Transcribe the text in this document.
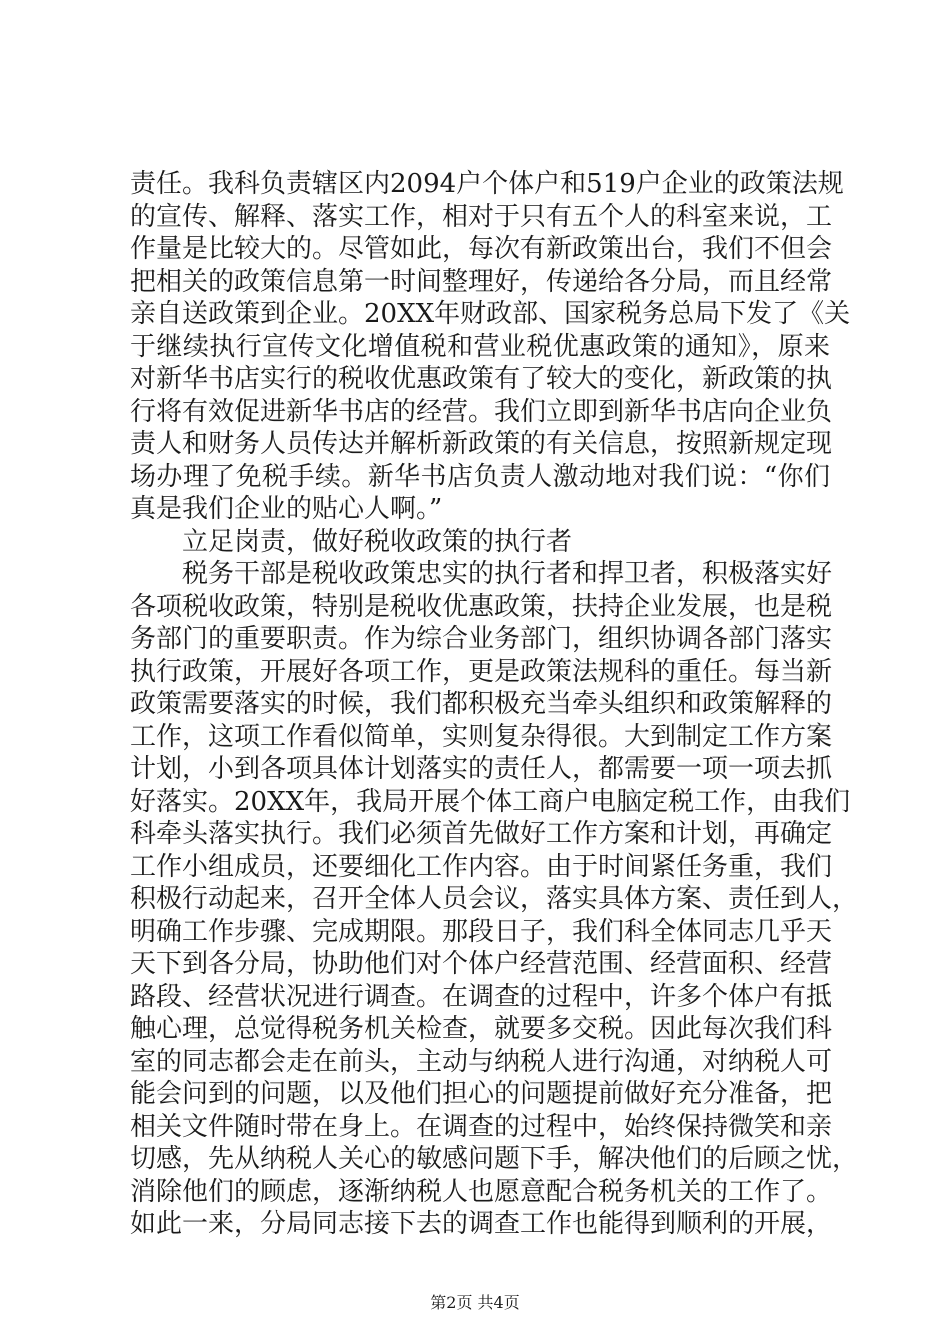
责任。我科负责辖区内2094户个体户和519户企业的政策法规
的宣传、解释、落实工作，相对于只有五个人的科室来说，工
作量是比较大的。尽管如此，每次有新政策出台，我们不但会
把相关的政策信息第一时间整理好，传递给各分局，而且经常
亲自送政策到企业。20XX年财政部、国家税务总局下发了《关
于继续执行宣传文化增值税和营业税优惠政策的通知》，原来
对新华书店实行的税收优惠政策有了较大的变化，新政策的执
行将有效促进新华书店的经营。我们立即到新华书店向企业负
责人和财务人员传达并解析新政策的有关信息，按照新规定现
场办理了免税手续。新华书店负责人激动地对我们说：“你们
真是我们企业的贴心人啊。”
立足岗责，做好税收政策的执行者
税务干部是税收政策忠实的执行者和捍卫者，积极落实好
各项税收政策，特别是税收优惠政策，扶持企业发展，也是税
务部门的重要职责。作为综合业务部门，组织协调各部门落实
执行政策，开展好各项工作，更是政策法规科的重任。每当新
政策需要落实的时候，我们都积极充当牵头组织和政策解释的
工作，这项工作看似简单，实则复杂得很。大到制定工作方案
计划，小到各项具体计划落实的责任人，都需要一项一项去抓
好落实。20XX年，我局开展个体工商户电脑定税工作，由我们
科牵头落实执行。我们必须首先做好工作方案和计划，再确定
工作小组成员，还要细化工作内容。由于时间紧任务重，我们
积极行动起来，召开全体人员会议，落实具体方案、责任到人，
明确工作步骤、完成期限。那段日子，我们科全体同志几乎天
天下到各分局，协助他们对个体户经营范围、经营面积、经营
路段、经营状况进行调查。在调查的过程中，许多个体户有抵
触心理，总觉得税务机关检查，就要多交税。因此每次我们科
室的同志都会走在前头，主动与纳税人进行沟通，对纳税人可
能会问到的问题，以及他们担心的问题提前做好充分准备，把
相关文件随时带在身上。在调查的过程中，始终保持微笑和亲
切感，先从纳税人关心的敏感问题下手，解决他们的后顾之忧，
消除他们的顾虑，逐渐纳税人也愿意配合税务机关的工作了。
如此一来，分局同志接下去的调查工作也能得到顺利的开展，
第2页 共4页
